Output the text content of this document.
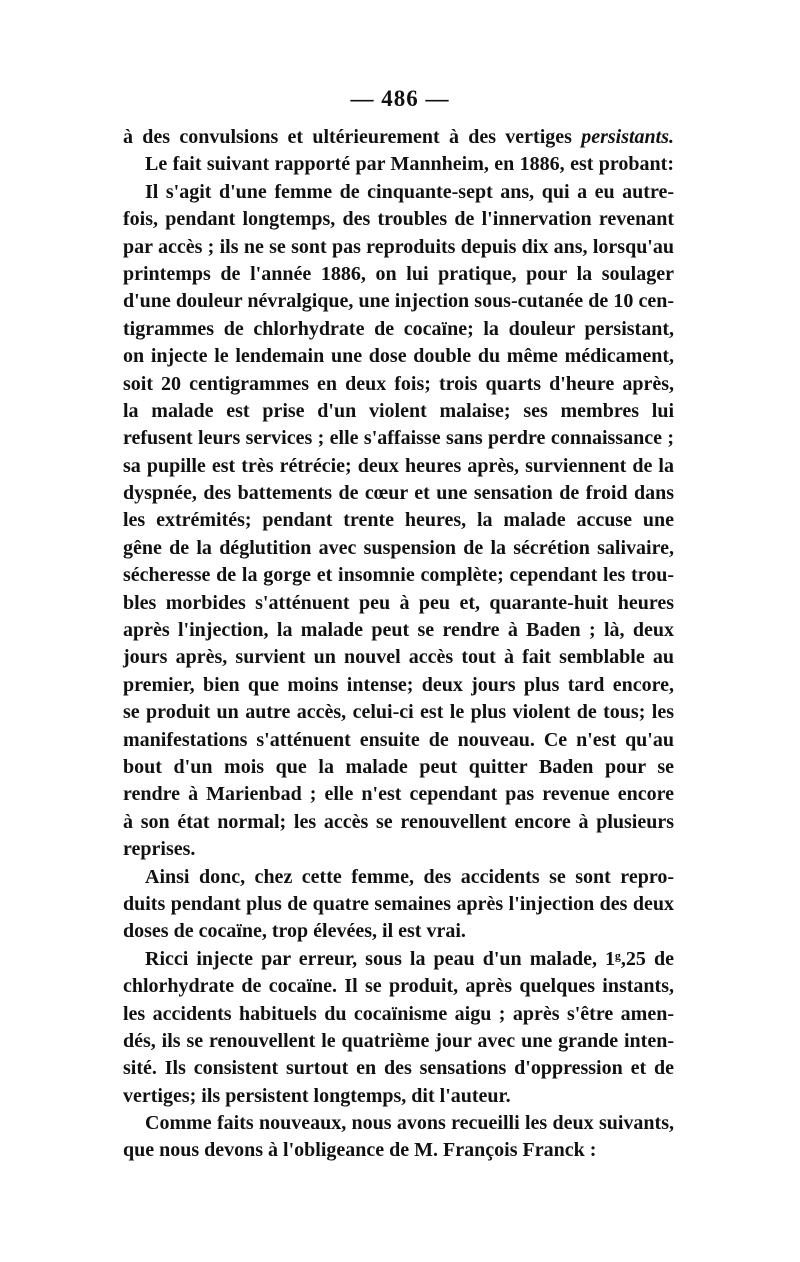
— 486 —
à des convulsions et ultérieurement à des vertiges persistants.
Le fait suivant rapporté par Mannheim, en 1886, est probant:
Il s'agit d'une femme de cinquante-sept ans, qui a eu autre-
fois, pendant longtemps, des troubles de l'innervation revenant
par accès ; ils ne se sont pas reproduits depuis dix ans, lorsqu'au
printemps de l'année 1886, on lui pratique, pour la soulager
d'une douleur névralgique, une injection sous-cutanée de 10 cen-
tigrammes de chlorhydrate de cocaïne; la douleur persistant,
on injecte le lendemain une dose double du même médicament,
soit 20 centigrammes en deux fois; trois quarts d'heure après,
la malade est prise d'un violent malaise; ses membres lui
refusent leurs services ; elle s'affaisse sans perdre connaissance ;
sa pupille est très rétrécie; deux heures après, surviennent de la
dyspnée, des battements de cœur et une sensation de froid dans
les extrémités; pendant trente heures, la malade accuse une
gêne de la déglutition avec suspension de la sécrétion salivaire,
sécheresse de la gorge et insomnie complète; cependant les trou-
bles morbides s'atténuent peu à peu et, quarante-huit heures
après l'injection, la malade peut se rendre à Baden ; là, deux
jours après, survient un nouvel accès tout à fait semblable au
premier, bien que moins intense; deux jours plus tard encore,
se produit un autre accès, celui-ci est le plus violent de tous; les
manifestations s'atténuent ensuite de nouveau. Ce n'est qu'au
bout d'un mois que la malade peut quitter Baden pour se
rendre à Marienbad ; elle n'est cependant pas revenue encore
à son état normal; les accès se renouvellent encore à plusieurs
reprises.
Ainsi donc, chez cette femme, des accidents se sont repro-
duits pendant plus de quatre semaines après l'injection des deux
doses de cocaïne, trop élevées, il est vrai.
Ricci injecte par erreur, sous la peau d'un malade, 1ᵍ,25 de
chlorhydrate de cocaïne. Il se produit, après quelques instants,
les accidents habituels du cocaïnisme aigu ; après s'être amen-
dés, ils se renouvellent le quatrième jour avec une grande inten-
sité. Ils consistent surtout en des sensations d'oppression et de
vertiges; ils persistent longtemps, dit l'auteur.
Comme faits nouveaux, nous avons recueilli les deux suivants,
que nous devons à l'obligeance de M. François Franck :
